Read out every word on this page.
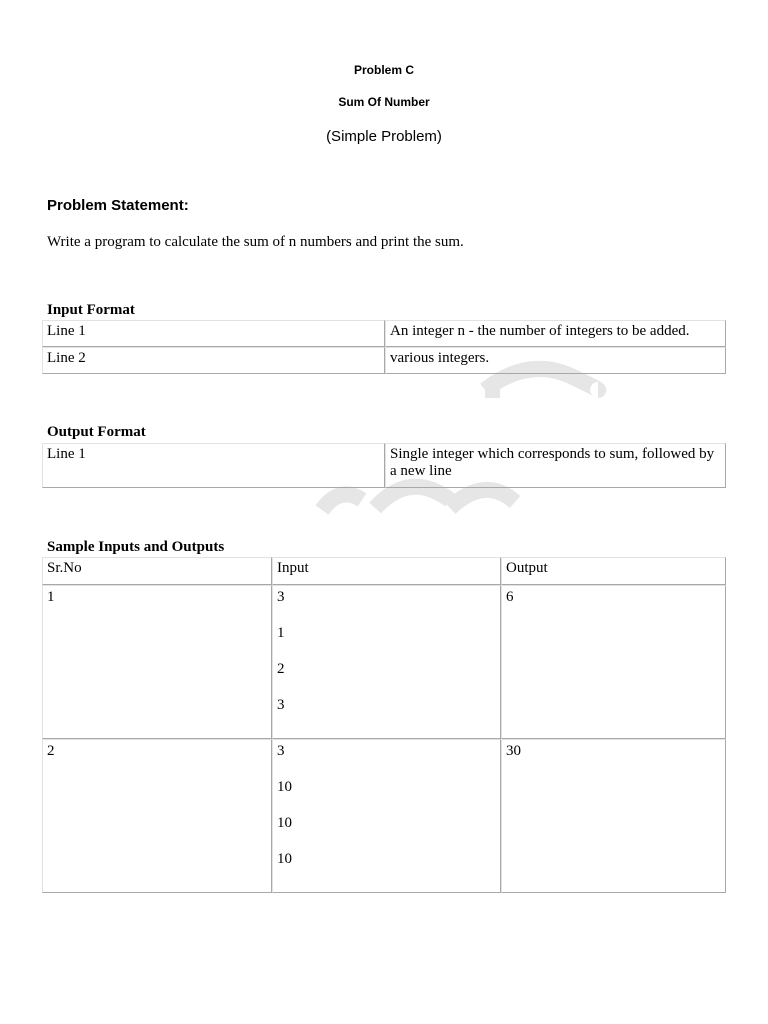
Problem C
Sum Of Number
(Simple Problem)
Problem Statement:
Write a program to calculate the sum of n numbers and print the sum.
Input Format
Line 1	An integer n - the number of integers to be added.
Line 2	various integers.
Output Format
Line 1	Single integer which corresponds to sum, followed by a new line
Sample Inputs and Outputs
Sr.No	Input	Output
1	3
1
2
3	6
2	3
10
10
10	30
